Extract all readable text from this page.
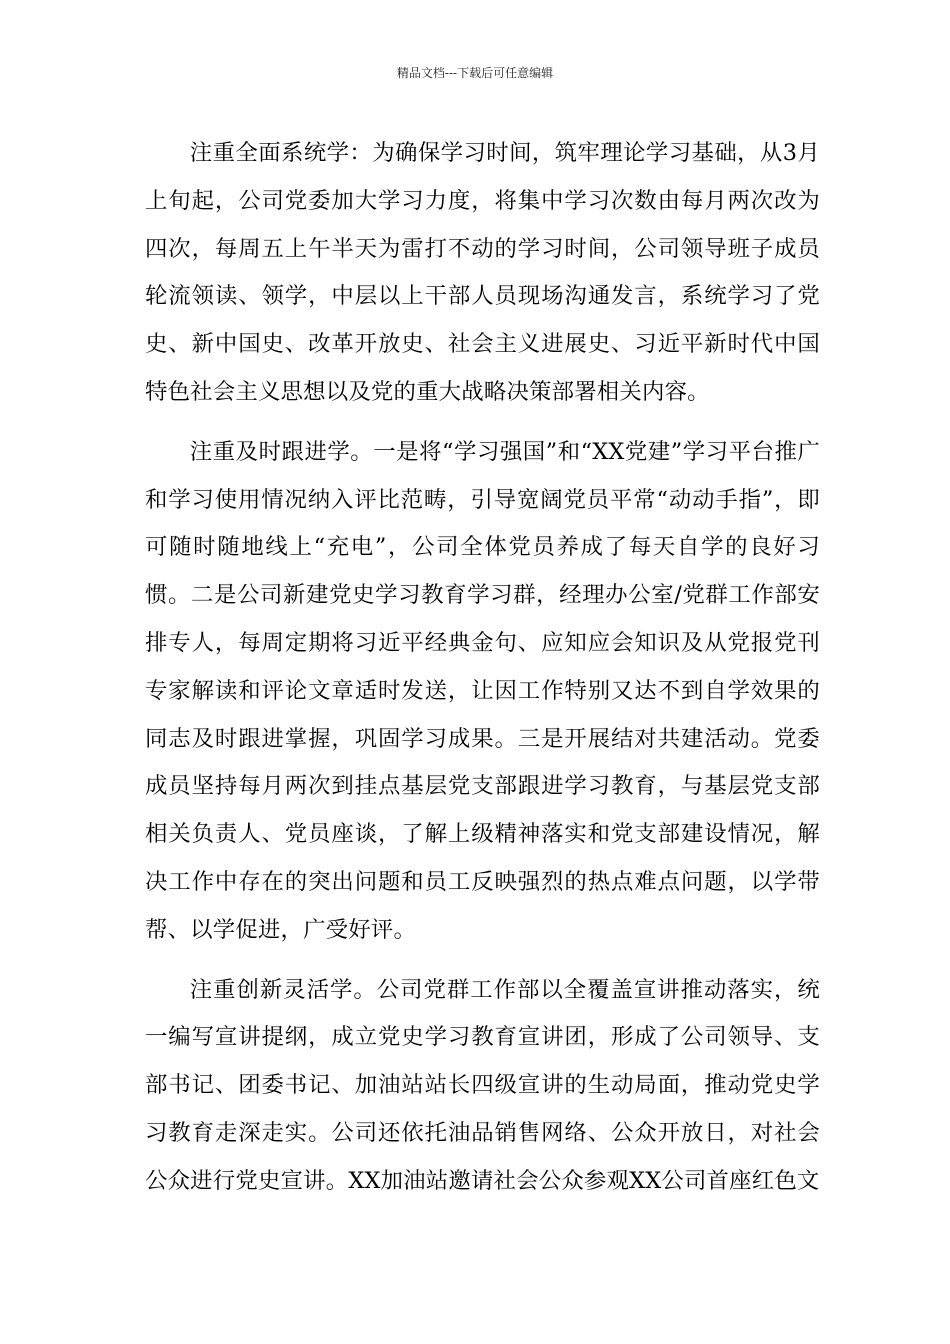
精品文档---下载后可任意编辑

注重全面系统学：为确保学习时间，筑牢理论学习基础，从3月上旬起，公司党委加大学习力度，将集中学习次数由每月两次改为四次，每周五上午半天为雷打不动的学习时间，公司领导班子成员轮流领读、领学，中层以上干部人员现场沟通发言，系统学习了党史、新中国史、改革开放史、社会主义进展史、习近平新时代中国特色社会主义思想以及党的重大战略决策部署相关内容。

注重及时跟进学。一是将“学习强国”和“XX党建”学习平台推广和学习使用情况纳入评比范畴，引导宽阔党员平常“动动手指”，即可随时随地线上“充电”，公司全体党员养成了每天自学的良好习惯。二是公司新建党史学习教育学习群，经理办公室/党群工作部安排专人，每周定期将习近平经典金句、应知应会知识及从党报党刊专家解读和评论文章适时发送，让因工作特别又达不到自学效果的同志及时跟进掌握，巩固学习成果。三是开展结对共建活动。党委成员坚持每月两次到挂点基层党支部跟进学习教育，与基层党支部相关负责人、党员座谈，了解上级精神落实和党支部建设情况，解决工作中存在的突出问题和员工反映强烈的热点难点问题，以学带帮、以学促进，广受好评。

注重创新灵活学。公司党群工作部以全覆盖宣讲推动落实，统一编写宣讲提纲，成立党史学习教育宣讲团，形成了公司领导、支部书记、团委书记、加油站站长四级宣讲的生动局面，推动党史学习教育走深走实。公司还依托油品销售网络、公众开放日，对社会公众进行党史宣讲。XX加油站邀请社会公众参观XX公司首座红色文
